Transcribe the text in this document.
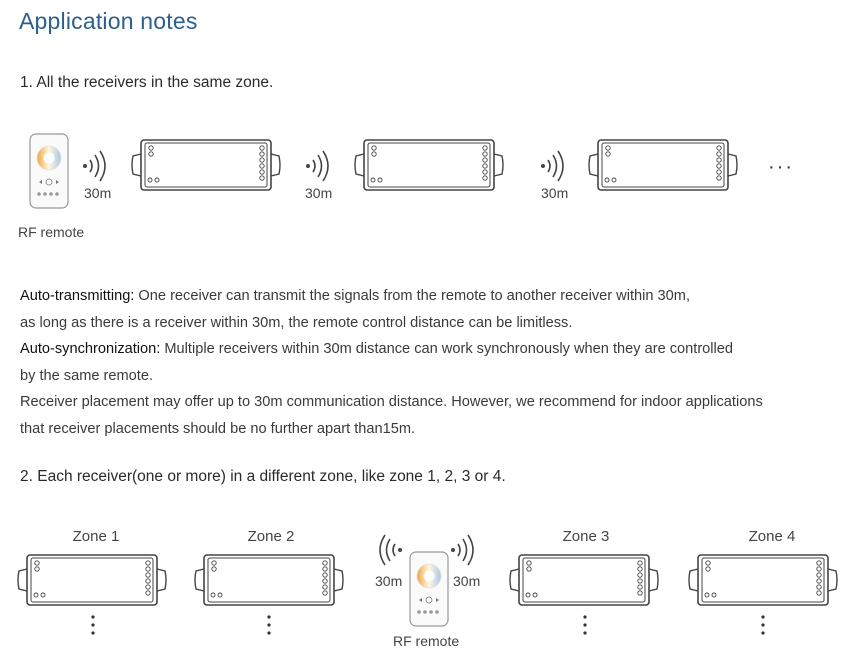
Application notes
1. All the receivers in the same zone.
30m
RF remote
30m	30m
···
Auto-transmitting: One receiver can transmit the signals from the remote to another receiver within 30m,
as long as there is a receiver within 30m, the remote control distance can be limitless.
Auto-synchronization: Multiple receivers within 30m distance can work synchronously when they are controlled
by the same remote.
Receiver placement may offer up to 30m communication distance. However, we recommend for indoor applications
that receiver placements should be no further apart than15m.
2. Each receiver(one or more) in a different zone, like zone 1, 2, 3 or 4.
Zone 1	Zone 2
30m	30m
RF remote
Zone 3	Zone 4
